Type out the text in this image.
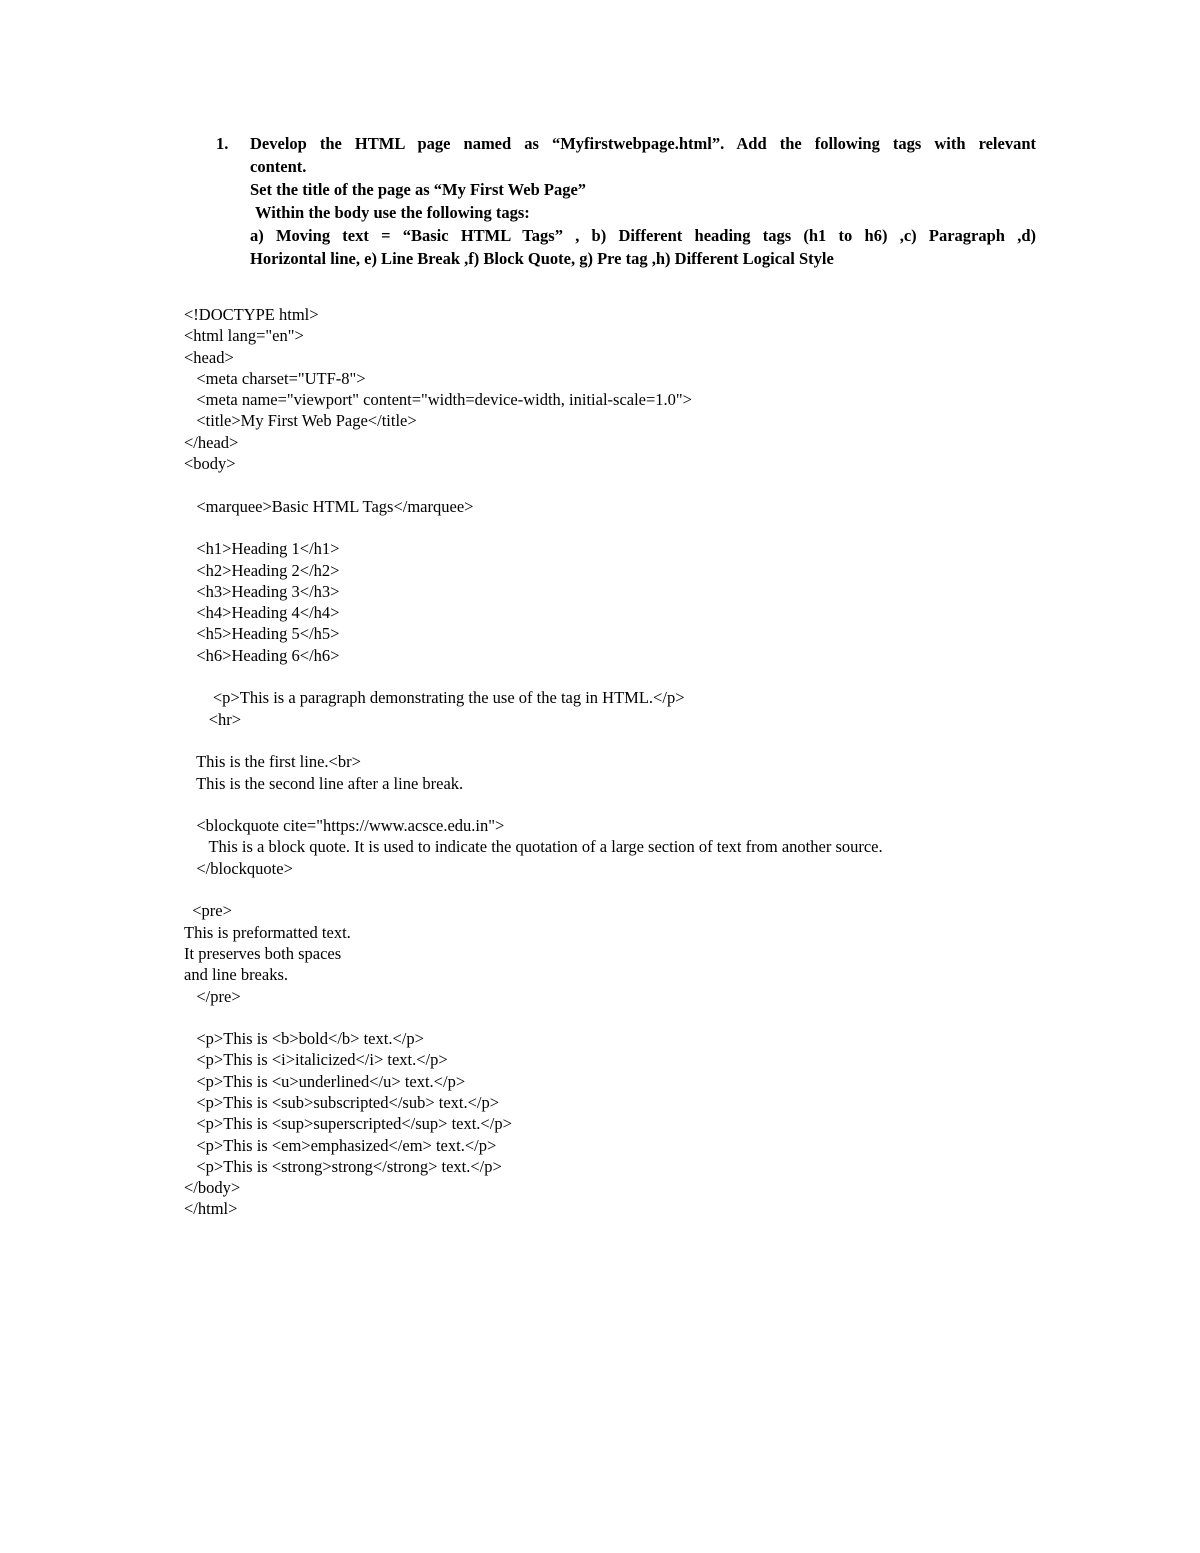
1. Develop the HTML page named as “Myfirstwebpage.html”. Add the following tags with relevant
content.
Set the title of the page as “My First Web Page”
Within the body use the following tags:
a) Moving text = “Basic HTML Tags” , b) Different heading tags (h1 to h6) ,c) Paragraph ,d)
Horizontal line, e) Line Break ,f) Block Quote, g) Pre tag ,h) Different Logical Style
<!DOCTYPE html>
<html lang="en">
<head>
<meta charset="UTF-8">
<meta name="viewport" content="width=device-width, initial-scale=1.0">
<title>My First Web Page</title>
</head>
<body>
<marquee>Basic HTML Tags</marquee>
<h1>Heading 1</h1>
<h2>Heading 2</h2>
<h3>Heading 3</h3>
<h4>Heading 4</h4>
<h5>Heading 5</h5>
<h6>Heading 6</h6>
<p>This is a paragraph demonstrating the use of the tag in HTML.</p>
<hr>
This is the first line.<br>
This is the second line after a line break.
<blockquote cite="https://www.acsce.edu.in">
This is a block quote. It is used to indicate the quotation of a large section of text from another source.
</blockquote>
<pre>
This is preformatted text.
It preserves both spaces
and line breaks.
</pre>
<p>This is <b>bold</b> text.</p>
<p>This is <i>italicized</i> text.</p>
<p>This is <u>underlined</u> text.</p>
<p>This is <sub>subscripted</sub> text.</p>
<p>This is <sup>superscripted</sup> text.</p>
<p>This is <em>emphasized</em> text.</p>
<p>This is <strong>strong</strong> text.</p>
</body>
</html>
